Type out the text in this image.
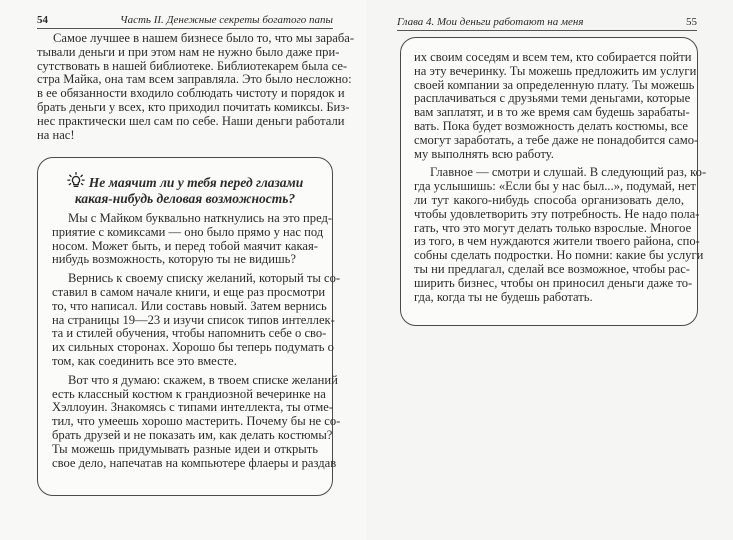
54	Часть II. Денежные секреты богатого папы
Самое лучшее в нашем бизнесе было то, что мы зараба-
тывали деньги и при этом нам не нужно было даже при-
сутствовать в нашей библиотеке. Библиотекарем была се-
стра Майка, она там всем заправляла. Это было несложно:
в ее обязанности входило соблюдать чистоту и порядок и
брать деньги у всех, кто приходил почитать комиксы. Биз-
нес практически шел сам по себе. Наши деньги работали
на нас!
Не маячит ли у тебя перед глазами
какая-нибудь деловая возможность?
Мы с Майком буквально наткнулись на это пред-
приятие с комиксами — оно было прямо у нас под
носом. Может быть, и перед тобой маячит какая-
нибудь возможность, которую ты не видишь?
Вернись к своему списку желаний, который ты со-
ставил в самом начале книги, и еще раз просмотри
то, что написал. Или составь новый. Затем вернись
на страницы 19—23 и изучи список типов интеллек-
та и стилей обучения, чтобы напомнить себе о сво-
их сильных сторонах. Хорошо бы теперь подумать о
том, как соединить все это вместе.
Вот что я думаю: скажем, в твоем списке желаний
есть классный костюм к грандиозной вечеринке на
Хэллоуин. Знакомясь с типами интеллекта, ты отме-
тил, что умеешь хорошо мастерить. Почему бы не со-
брать друзей и не показать им, как делать костюмы?
Ты можешь придумывать разные идеи и открыть
свое дело, напечатав на компьютере флаеры и раздав
Глава 4. Мои деньги работают на меня	55
их своим соседям и всем тем, кто собирается пойти
на эту вечеринку. Ты можешь предложить им услуги
своей компании за определенную плату. Ты можешь
расплачиваться с друзьями теми деньгами, которые
вам заплатят, и в то же время сам будешь зарабаты-
вать. Пока будет возможность делать костюмы, все
смогут заработать, а тебе даже не понадобится само-
му выполнять всю работу.
Главное — смотри и слушай. В следующий раз, ко-
гда услышишь: «Если бы у нас был...», подумай, нет
ли тут какого-нибудь способа организовать дело,
чтобы удовлетворить эту потребность. Не надо пола-
гать, что это могут делать только взрослые. Многое
из того, в чем нуждаются жители твоего района, спо-
собны сделать подростки. Но помни: какие бы услуги
ты ни предлагал, сделай все возможное, чтобы рас-
ширить бизнес, чтобы он приносил деньги даже то-
гда, когда ты не будешь работать.
